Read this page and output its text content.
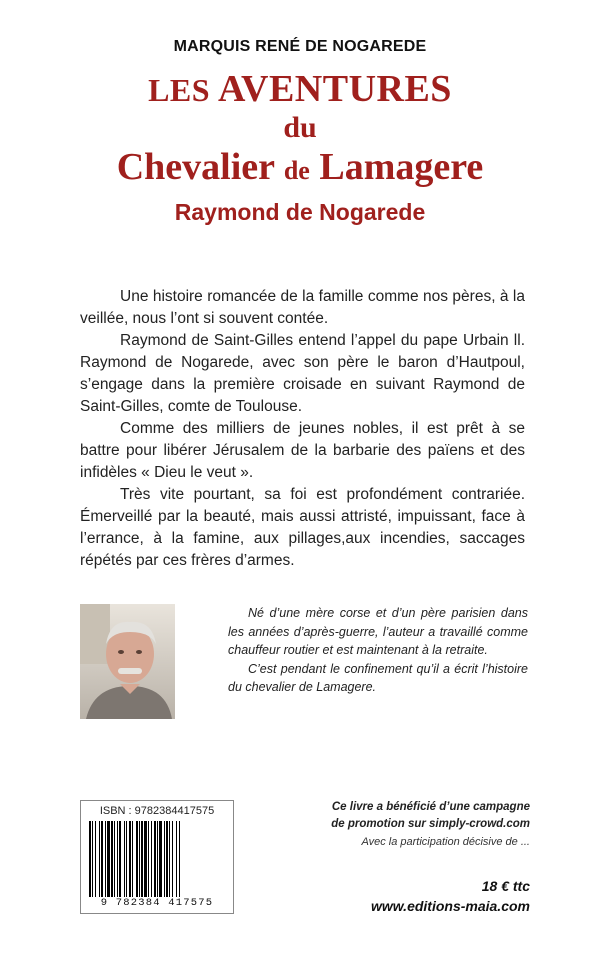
MARQUIS RENÉ DE NOGAREDE
LES AVENTURES
du
Chevalier de Lamagere
Raymond de Nogarede

Une histoire romancée de la famille comme nos pères, à la veillée, nous l’ont si souvent contée.

Raymond de Saint-Gilles entend l’appel du pape Urbain ll. Raymond de Nogarede, avec son père le baron d’Hautpoul, s’engage dans la première croisade en suivant Raymond de Saint-Gilles, comte de Toulouse.

Comme des milliers de jeunes nobles, il est prêt à se battre pour libérer Jérusalem de la barbarie des païens et des infidèles « Dieu le veut ».

Très vite pourtant, sa foi est profondément contrariée. Émerveillé par la beauté, mais aussi attristé, impuissant, face à l’errance, à la famine, aux pillages,aux incendies, saccages répétés par ces frères d’armes.

Né d’une mère corse et d’un père parisien dans les années d’après-guerre, l’auteur a travaillé comme chauffeur routier et est maintenant à la retraite.

C’est pendant le confinement qu’il a écrit l’histoire du chevalier de Lamagere.

ISBN : 9782384417575
9 782384 417575
Ce livre a bénéficié d’une campagne
de promotion sur simply-crowd.com
Avec la participation décisive de ...
18 € ttc
www.editions-maia.com
